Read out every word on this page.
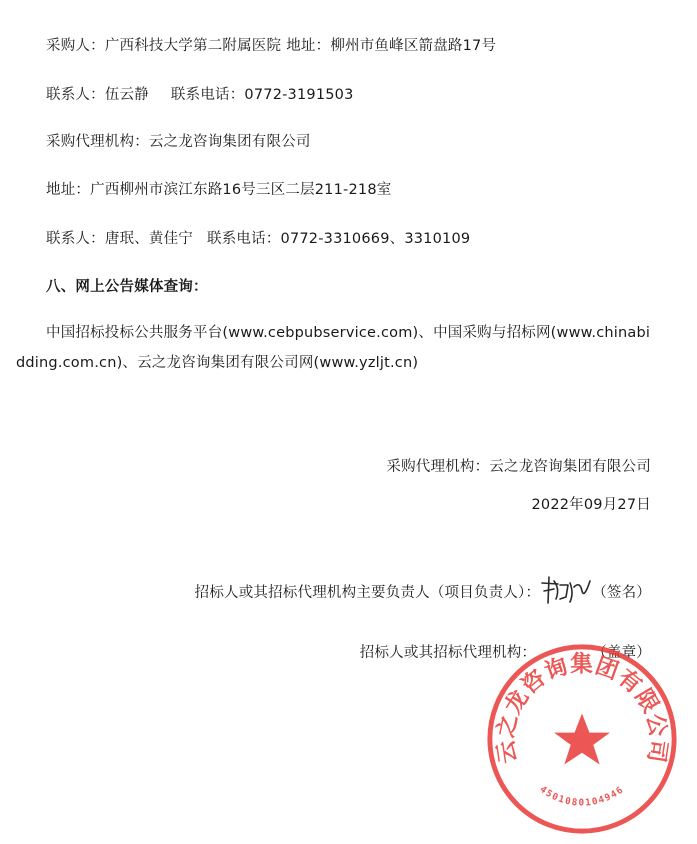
采购人：广西科技大学第二附属医院 地址：柳州市鱼峰区箭盘路17号
联系人：伍云静 联系电话：0772-3191503
采购代理机构：云之龙咨询集团有限公司
地址：广西柳州市滨江东路16号三区二层211-218室
联系人：唐珉、黄佳宁 联系电话：0772-3310669、3310109
八、网上公告媒体查询：
中国招标投标公共服务平台(www.cebpubservice.com)、中国采购与招标网(www.chinabidding.com.cn)、云之龙咨询集团有限公司网(www.yzljt.cn)
采购代理机构：云之龙咨询集团有限公司
2022年09月27日
招标人或其招标代理机构主要负责人（项目负责人）：	（签名）
招标人或其招标代理机构：	（盖章）
云之龙咨询集团有限公司
4501080104946
